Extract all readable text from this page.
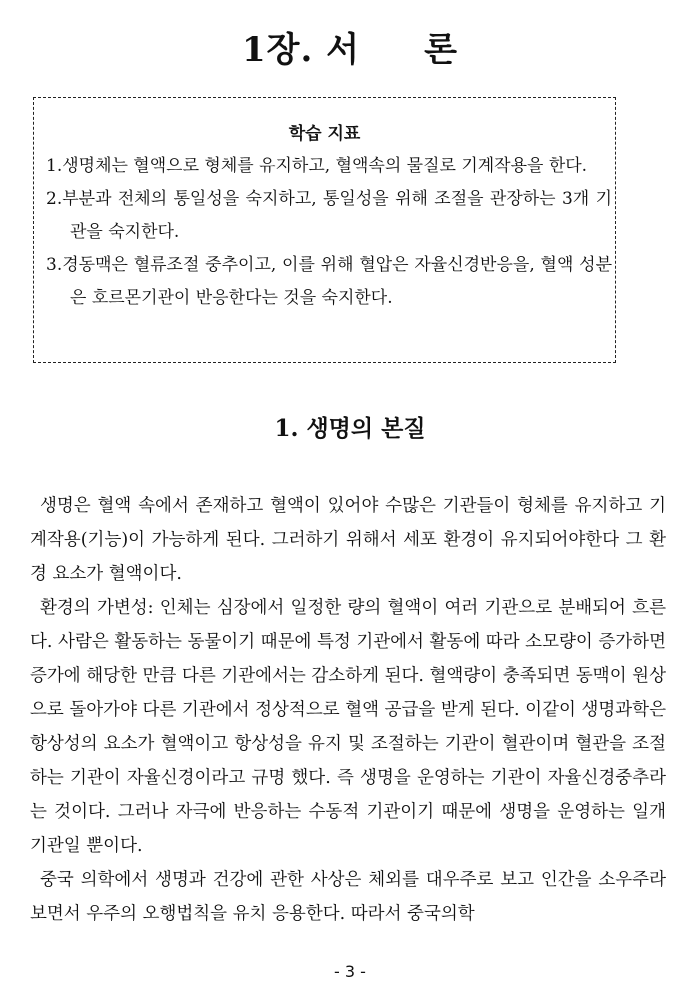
1장. 서     론
학습 지표
1.생명체는 혈액으로 형체를 유지하고, 혈액속의 물질로 기계작용을 한다.
2.부분과 전체의 통일성을 숙지하고, 통일성을 위해 조절을 관장하는 3개 기관을 숙지한다.
3.경동맥은 혈류조절 중추이고, 이를 위해 혈압은 자율신경반응을, 혈액 성분은 호르몬기관이 반응한다는 것을 숙지한다.
1. 생명의 본질

생명은 혈액 속에서 존재하고 혈액이 있어야 수많은 기관들이 형체를 유지하고 기계작용(기능)이 가능하게 된다. 그러하기 위해서 세포 환경이 유지되어야한다 그 환경 요소가 혈액이다.

환경의 가변성: 인체는 심장에서 일정한 량의 혈액이 여러 기관으로 분배되어 흐른다. 사람은 활동하는 동물이기 때문에 특정 기관에서 활동에 따라 소모량이 증가하면 증가에 해당한 만큼 다른 기관에서는 감소하게 된다. 혈액량이 충족되면 동맥이 원상으로 돌아가야 다른 기관에서 정상적으로 혈액 공급을 받게 된다. 이같이 생명과학은 항상성의 요소가 혈액이고 항상성을 유지 및 조절하는 기관이 혈관이며 혈관을 조절하는 기관이 자율신경이라고 규명 했다. 즉 생명을 운영하는 기관이 자율신경중추라는 것이다. 그러나 자극에 반응하는 수동적 기관이기 때문에 생명을 운영하는 일개 기관일 뿐이다.

중국 의학에서 생명과 건강에 관한 사상은 체외를 대우주로 보고 인간을 소우주라 보면서 우주의 오행법칙을 유치 응용한다. 따라서 중국의학

- 3 -
